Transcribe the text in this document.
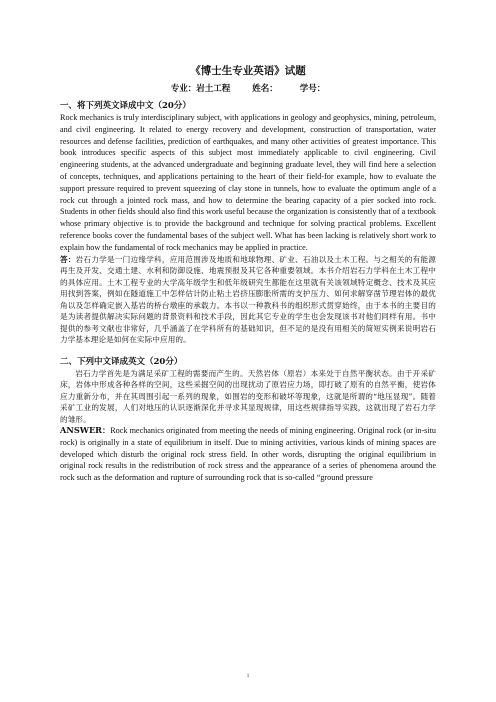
《博士生专业英语》试题
专业：岩土工程	姓名：	学号：
一、将下列英文译成中文（20分）

Rock mechanics is truly interdisciplinary subject, with applications in geology and geophysics, mining, petroleum, and civil engineering. It related to energy recovery and development, construction of transportation, water resources and defense facilities, prediction of earthquakes, and many other activities of greatest importance. This book introduces specific aspects of this subject most immediately applicable to civil engineering. Civil engineering students, at the advanced undergraduate and beginning graduate level, they will find here a selection of concepts, techniques, and applications pertaining to the heart of their field-for example, how to evaluate the support pressure required to prevent squeezing of clay stone in tunnels, how to evaluate the optimum angle of a rock cut through a jointed rock mass, and how to determine the bearing capacity of a pier socked into rock. Students in other fields should also find this work useful because the organization is consistently that of a textbook whose primary objective is to provide the background and technique for solving practical problems. Excellent reference books cover the fundamental bases of the subject well. What has been lacking is relatively short work to explain how the fundamental of rock mechanics may be applied in practice.

答：岩石力学是一门边缘学科，应用范围涉及地质和地球物理、矿业、石油以及土木工程。与之相关的有能源再生及开发、交通土建、水利和防御设施、地震预报及其它各种重要领域。本书介绍岩石力学科在土木工程中的具体应用。土木工程专业的大学高年级学生和低年级研究生都能在这里就有关该领域特定概念、技术及其应用找到答案，例如在隧道施工中怎样估计防止粘土岩挤压膨胀所需的支护压力、如何求解穿凿节理岩体的最优角以及怎样确定嵌入基岩的桥台墩座的承载力。本书以一种教科书的组织形式贯穿始终，由于本书的主要目的是为读者提供解决实际问题的背景资料和技术手段，因此其它专业的学生也会发现该书对他们同样有用。书中提供的参考文献也非常好，几乎涵盖了在学科所有的基础知识，但不足的是没有用相关的简短实例来说明岩石力学基本理论是如何在实际中应用的。

二、下列中文译成英文（20分）

岩石力学首先是为满足采矿工程的需要而产生的。天然岩体（原岩）本来处于自然平衡状态。由于开采矿床，岩体中形成各种各样的空间，这些采掘空间的出现扰动了原岩应力场，即打破了原有的自然平衡，使岩体应力重新分布，并在其周围引起一系列的现象，如围岩的变形和破坏等现象，这就是所谓的“地压显现”。随着采矿工业的发展，人们对地压的认识逐渐深化并寻求其显现规律，用这些规律指导实践，这就出现了岩石力学的雏形。

ANSWER：Rock mechanics originated from meeting the needs of mining engineering. Original rock (or in-situ rock) is originally in a state of equilibrium in itself. Due to mining activities, various kinds of mining spaces are developed which disturb the original rock stress field. In other words, disrupting the original equilibrium in original rock results in the redistribution of rock stress and the appearance of a series of phenomena around the rock such as the deformation and rupture of surrounding rock that is so-called “ground pressure

1
